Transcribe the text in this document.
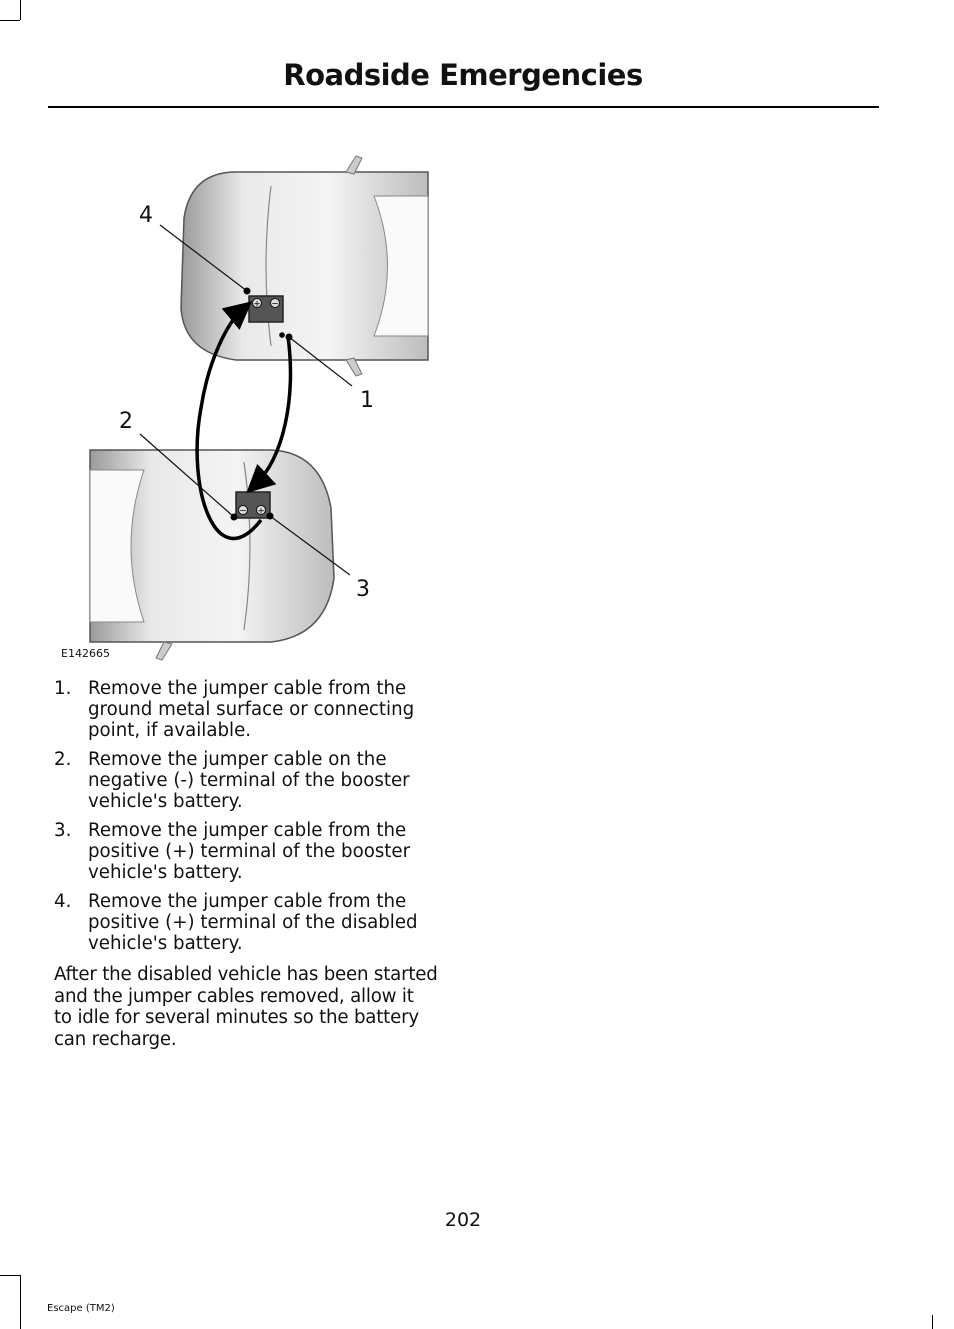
Roadside Emergencies
+ −
− +
4
1
2
3
E142665
1. Remove the jumper cable from the
ground metal surface or connecting
point, if available.
2. Remove the jumper cable on the
negative (-) terminal of the booster
vehicle's battery.
3. Remove the jumper cable from the
positive (+) terminal of the booster
vehicle's battery.
4. Remove the jumper cable from the
positive (+) terminal of the disabled
vehicle's battery.

After the disabled vehicle has been started
and the jumper cables removed, allow it
to idle for several minutes so the battery
can recharge.

202
Escape (TM2)
